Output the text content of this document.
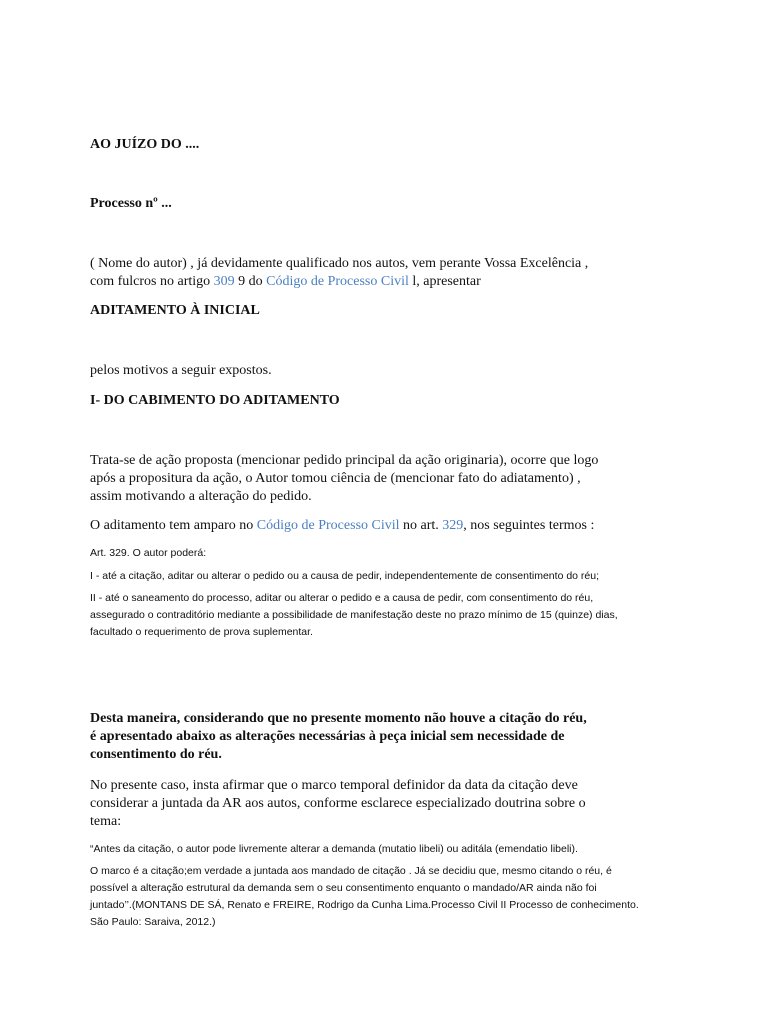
AO JUÍZO DO ....

Processo nº ...

( Nome do autor) , já devidamente qualificado nos autos, vem perante Vossa Excelência ,
com fulcros no artigo 309 9 do Código de Processo Civil l, apresentar

ADITAMENTO À INICIAL

pelos motivos a seguir expostos.

I- DO CABIMENTO DO ADITAMENTO

Trata-se de ação proposta (mencionar pedido principal da ação originaria), ocorre que logo
após a propositura da ação, o Autor tomou ciência de (mencionar fato do adiatamento) ,
assim motivando a alteração do pedido.

O aditamento tem amparo no Código de Processo Civil no art. 329, nos seguintes termos :

Art. 329. O autor poderá:

I - até a citação, aditar ou alterar o pedido ou a causa de pedir, independentemente de consentimento do réu;

II - até o saneamento do processo, aditar ou alterar o pedido e a causa de pedir, com consentimento do réu,
assegurado o contraditório mediante a possibilidade de manifestação deste no prazo mínimo de 15 (quinze) dias,
facultado o requerimento de prova suplementar.

Desta maneira, considerando que no presente momento não houve a citação do réu,
é apresentado abaixo as alterações necessárias à peça inicial sem necessidade de
consentimento do réu.

No presente caso, insta afirmar que o marco temporal definidor da data da citação deve
considerar a juntada da AR aos autos, conforme esclarece especializado doutrina sobre o
tema:

“Antes da citação, o autor pode livremente alterar a demanda (mutatio libeli) ou aditála (emendatio libeli).

O marco é a citação;em verdade a juntada aos mandado de citação . Já se decidiu que, mesmo citando o réu, é
possível a alteração estrutural da demanda sem o seu consentimento enquanto o mandado/AR ainda não foi
juntado’’.(MONTANS DE SÁ, Renato e FREIRE, Rodrigo da Cunha Lima.Processo Civil II Processo de conhecimento.
São Paulo: Saraiva, 2012.)
